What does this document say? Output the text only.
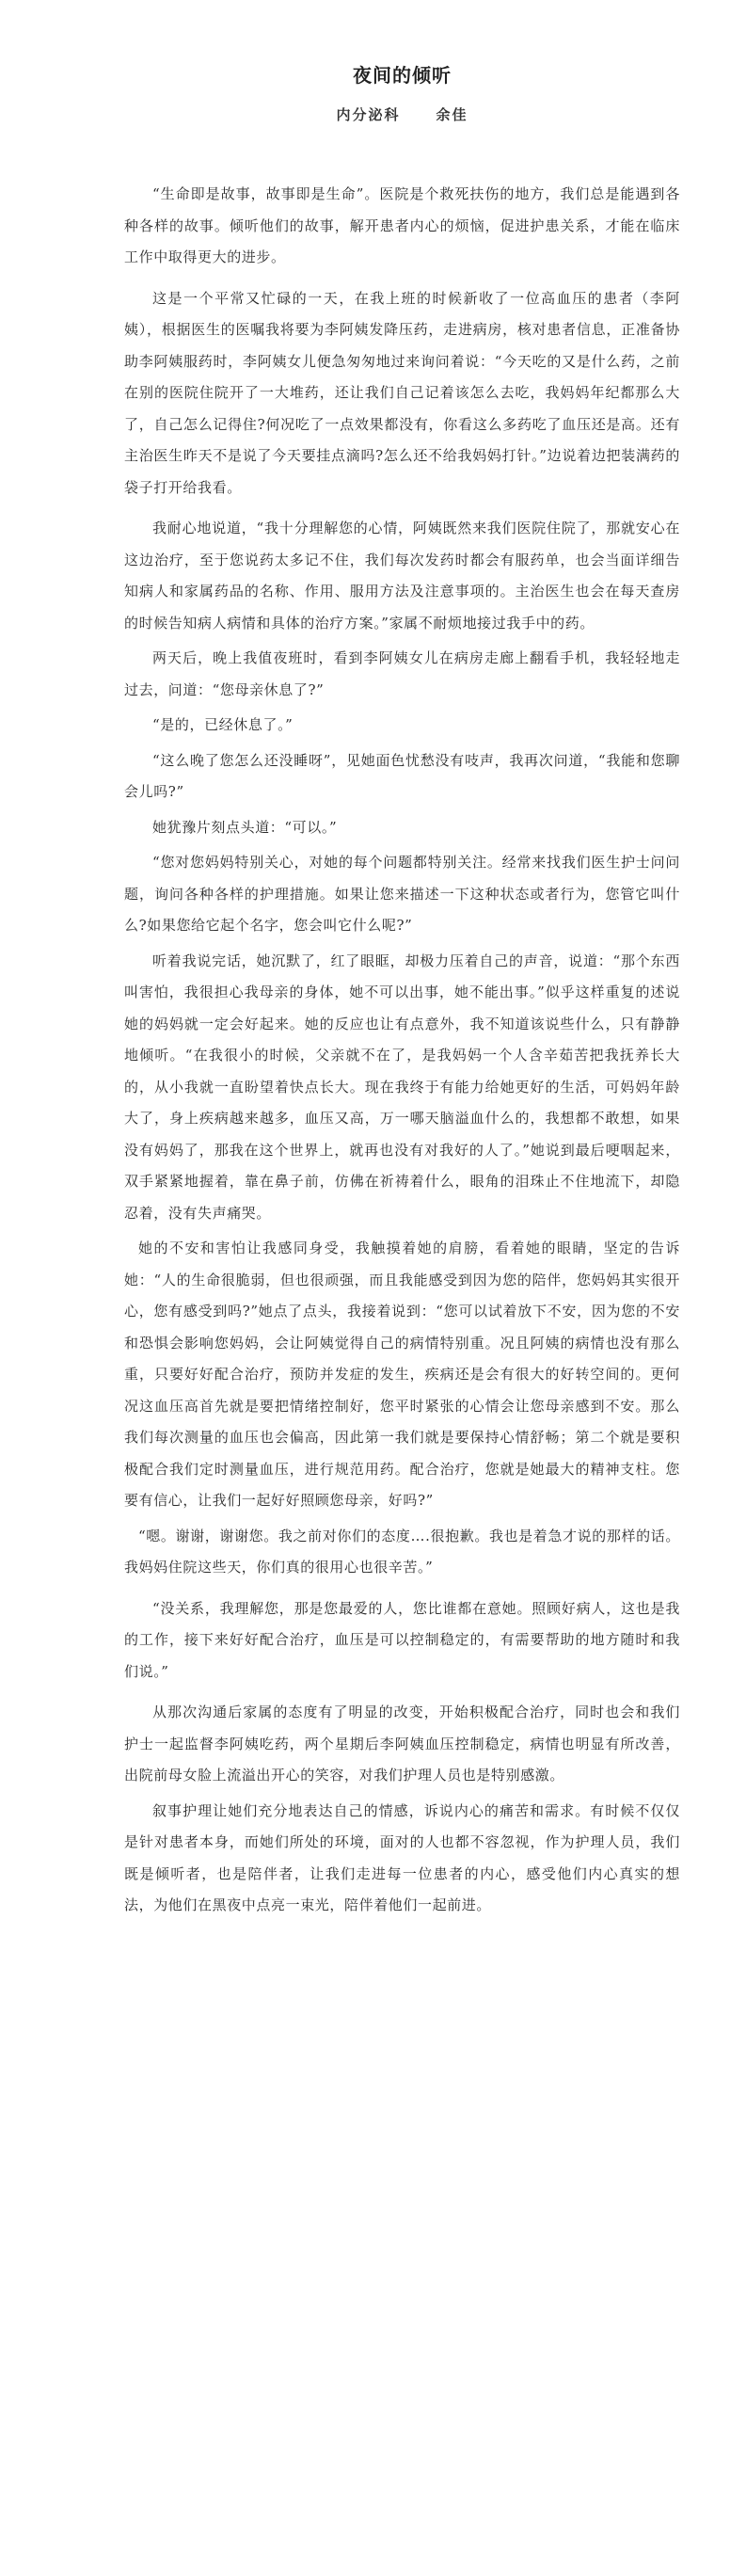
夜间的倾听
内分泌科	余佳

“生命即是故事，故事即是生命”。医院是个救死扶伤的地方，我们总是能遇到各种各样的故事。倾听他们的故事，解开患者内心的烦恼，促进护患关系，才能在临床工作中取得更大的进步。

这是一个平常又忙碌的一天，在我上班的时候新收了一位高血压的患者（李阿姨），根据医生的医嘱我将要为李阿姨发降压药，走进病房，核对患者信息，正准备协助李阿姨服药时，李阿姨女儿便急匆匆地过来询问着说：“今天吃的又是什么药，之前在别的医院住院开了一大堆药，还让我们自己记着该怎么去吃，我妈妈年纪都那么大了，自己怎么记得住?何况吃了一点效果都没有，你看这么多药吃了血压还是高。还有主治医生昨天不是说了今天要挂点滴吗?怎么还不给我妈妈打针。”边说着边把装满药的袋子打开给我看。

我耐心地说道，“我十分理解您的心情，阿姨既然来我们医院住院了，那就安心在这边治疗，至于您说药太多记不住，我们每次发药时都会有服药单，也会当面详细告知病人和家属药品的名称、作用、服用方法及注意事项的。主治医生也会在每天查房的时候告知病人病情和具体的治疗方案。”家属不耐烦地接过我手中的药。

两天后，晚上我值夜班时，看到李阿姨女儿在病房走廊上翻看手机，我轻轻地走过去，问道：“您母亲休息了?”

“是的，已经休息了。”

“这么晚了您怎么还没睡呀”，见她面色忧愁没有吱声，我再次问道，“我能和您聊会儿吗?”

她犹豫片刻点头道：“可以。”

“您对您妈妈特别关心，对她的每个问题都特别关注。经常来找我们医生护士问问题，询问各种各样的护理措施。如果让您来描述一下这种状态或者行为，您管它叫什么?如果您给它起个名字，您会叫它什么呢?”

听着我说完话，她沉默了，红了眼眶，却极力压着自己的声音，说道：“那个东西叫害怕，我很担心我母亲的身体，她不可以出事，她不能出事。”似乎这样重复的述说她的妈妈就一定会好起来。她的反应也让有点意外，我不知道该说些什么，只有静静地倾听。“在我很小的时候，父亲就不在了，是我妈妈一个人含辛茹苦把我抚养长大的，从小我就一直盼望着快点长大。现在我终于有能力给她更好的生活，可妈妈年龄大了，身上疾病越来越多，血压又高，万一哪天脑溢血什么的，我想都不敢想，如果没有妈妈了，那我在这个世界上，就再也没有对我好的人了。”她说到最后哽咽起来，双手紧紧地握着，靠在鼻子前，仿佛在祈祷着什么，眼角的泪珠止不住地流下，却隐忍着，没有失声痛哭。

她的不安和害怕让我感同身受，我触摸着她的肩膀，看着她的眼睛，坚定的告诉她：“人的生命很脆弱，但也很顽强，而且我能感受到因为您的陪伴，您妈妈其实很开心，您有感受到吗?”她点了点头，我接着说到：“您可以试着放下不安，因为您的不安和恐惧会影响您妈妈，会让阿姨觉得自己的病情特别重。况且阿姨的病情也没有那么重，只要好好配合治疗，预防并发症的发生，疾病还是会有很大的好转空间的。更何况这血压高首先就是要把情绪控制好，您平时紧张的心情会让您母亲感到不安。那么我们每次测量的血压也会偏高，因此第一我们就是要保持心情舒畅；第二个就是要积极配合我们定时测量血压，进行规范用药。配合治疗，您就是她最大的精神支柱。您要有信心，让我们一起好好照顾您母亲，好吗?”

“嗯。谢谢，谢谢您。我之前对你们的态度….很抱歉。我也是着急才说的那样的话。我妈妈住院这些天，你们真的很用心也很辛苦。”

“没关系，我理解您，那是您最爱的人，您比谁都在意她。照顾好病人，这也是我的工作，接下来好好配合治疗，血压是可以控制稳定的，有需要帮助的地方随时和我们说。”

从那次沟通后家属的态度有了明显的改变，开始积极配合治疗，同时也会和我们护士一起监督李阿姨吃药，两个星期后李阿姨血压控制稳定，病情也明显有所改善，出院前母女脸上流溢出开心的笑容，对我们护理人员也是特别感激。

叙事护理让她们充分地表达自己的情感，诉说内心的痛苦和需求。有时候不仅仅是针对患者本身，而她们所处的环境，面对的人也都不容忽视，作为护理人员，我们既是倾听者，也是陪伴者，让我们走进每一位患者的内心，感受他们内心真实的想法，为他们在黑夜中点亮一束光，陪伴着他们一起前进。
